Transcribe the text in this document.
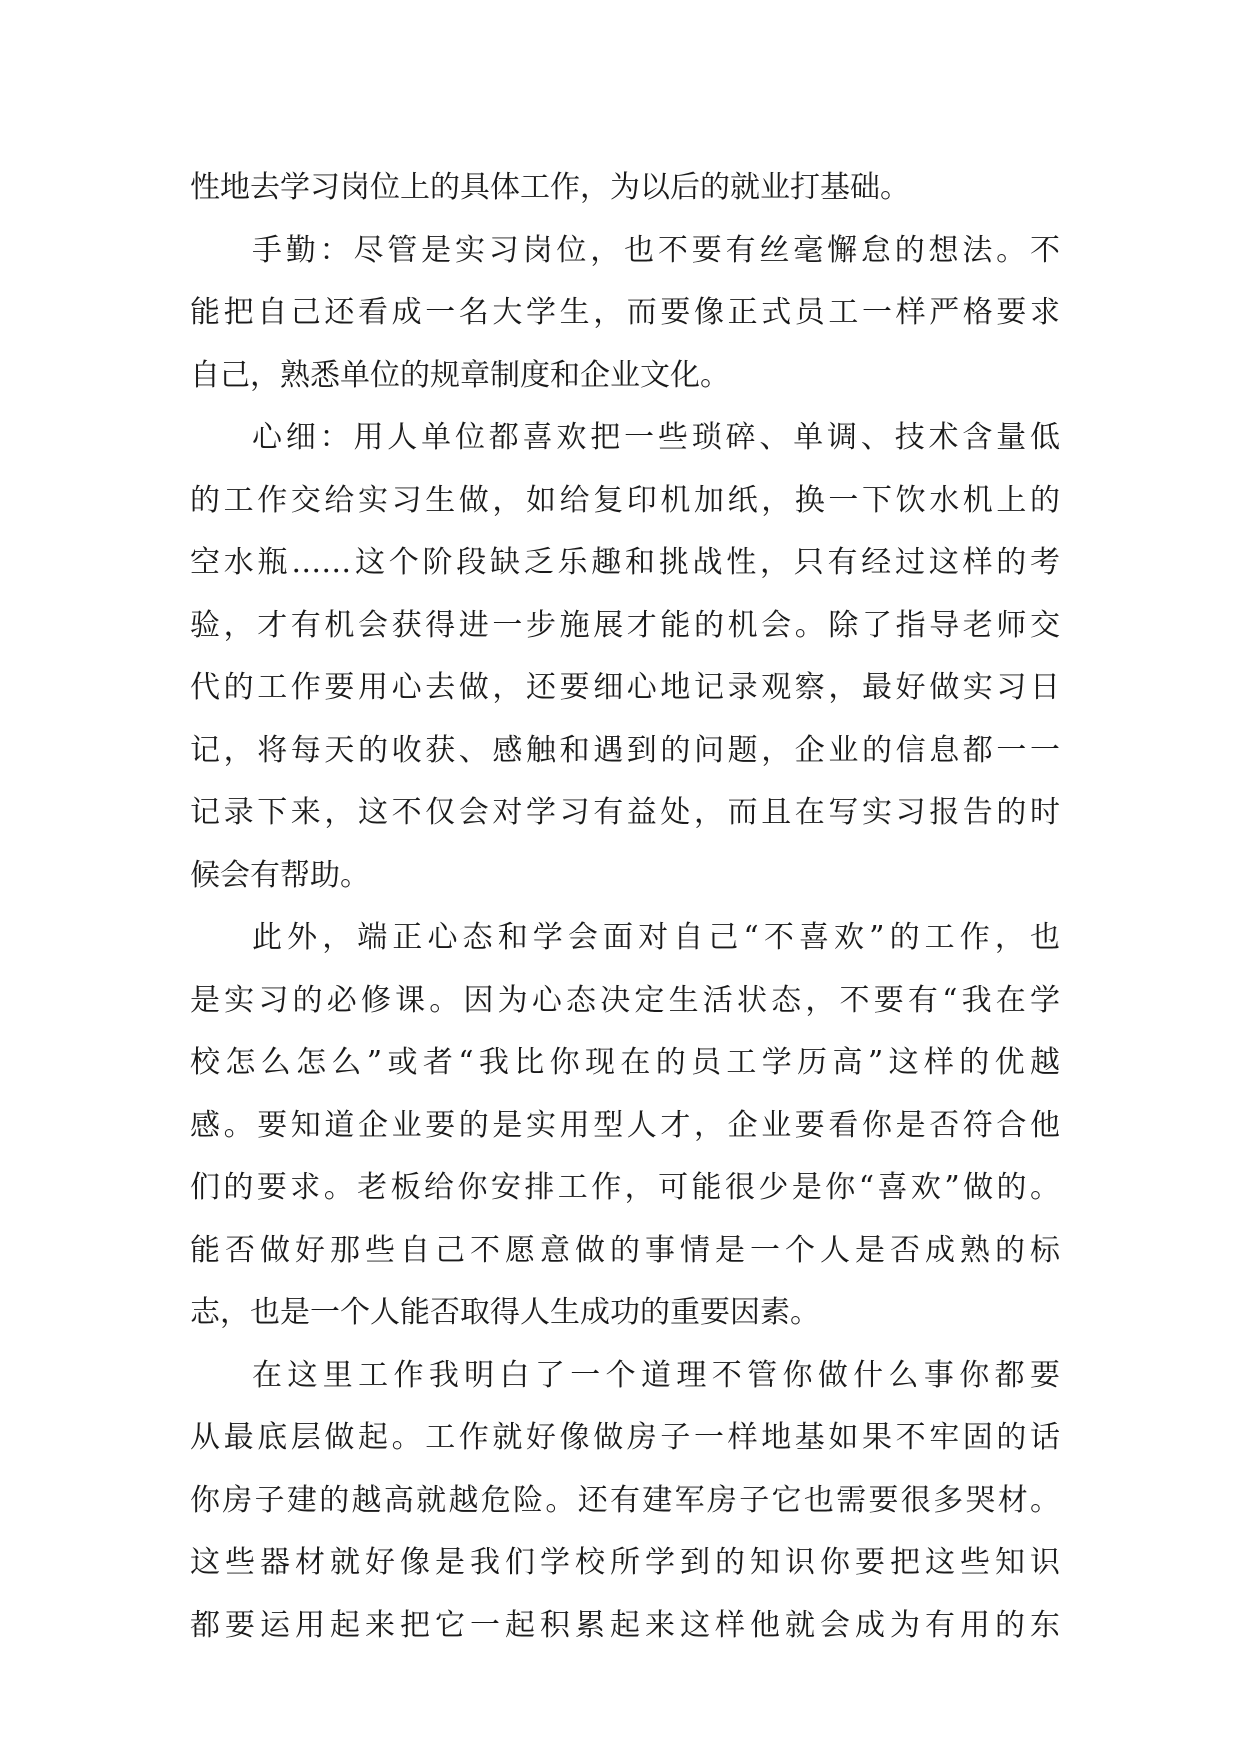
性地去学习岗位上的具体工作，为以后的就业打基础。
手勤：尽管是实习岗位，也不要有丝毫懈怠的想法。不
能把自己还看成一名大学生，而要像正式员工一样严格要求
自己，熟悉单位的规章制度和企业文化。
心细：用人单位都喜欢把一些琐碎、单调、技术含量低
的工作交给实习生做，如给复印机加纸，换一下饮水机上的
空水瓶……这个阶段缺乏乐趣和挑战性，只有经过这样的考
验，才有机会获得进一步施展才能的机会。除了指导老师交
代的工作要用心去做，还要细心地记录观察，最好做实习日
记，将每天的收获、感触和遇到的问题，企业的信息都一一
记录下来，这不仅会对学习有益处，而且在写实习报告的时
候会有帮助。
此外，端正心态和学会面对自己“不喜欢”的工作，也
是实习的必修课。因为心态决定生活状态，不要有“我在学
校怎么怎么”或者“我比你现在的员工学历高”这样的优越
感。要知道企业要的是实用型人才，企业要看你是否符合他
们的要求。老板给你安排工作，可能很少是你“喜欢”做的。
能否做好那些自己不愿意做的事情是一个人是否成熟的标
志，也是一个人能否取得人生成功的重要因素。
在这里工作我明白了一个道理不管你做什么事你都要
从最底层做起。工作就好像做房子一样地基如果不牢固的话
你房子建的越高就越危险。还有建军房子它也需要很多哭材。
这些器材就好像是我们学校所学到的知识你要把这些知识
都要运用起来把它一起积累起来这样他就会成为有用的东
